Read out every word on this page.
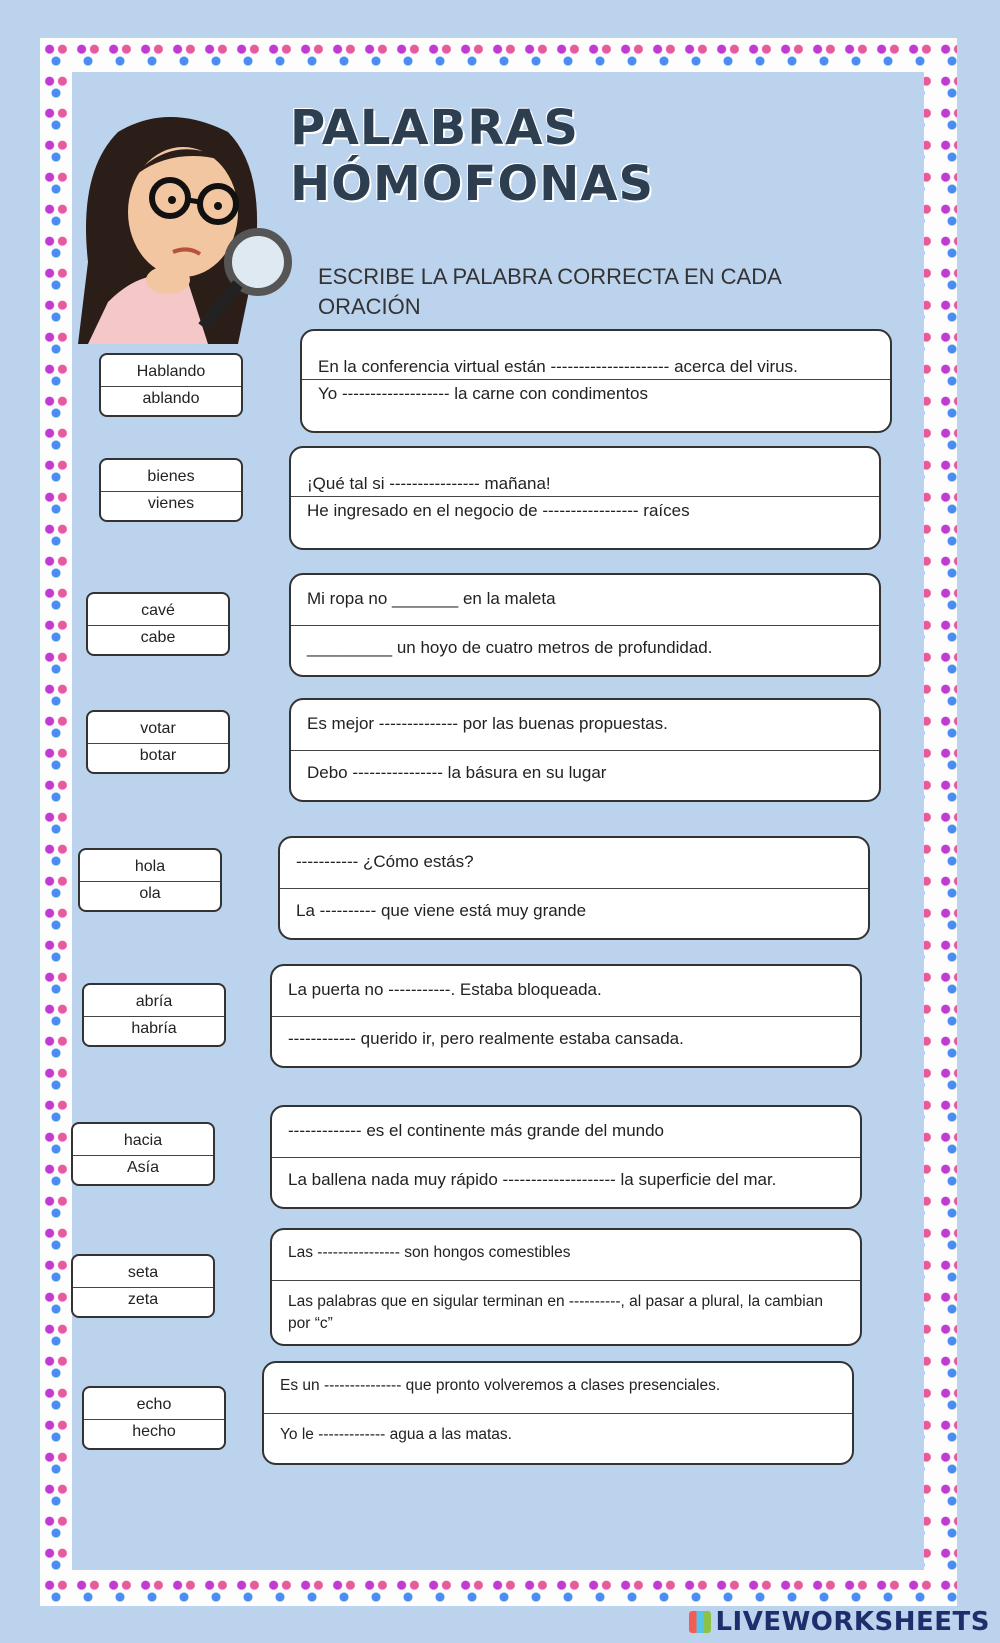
PALABRAS HÓMOFONAS
ESCRIBE LA PALABRA CORRECTA EN CADA ORACIÓN
Hablando
ablando
En la conferencia virtual están --------------------- acerca del virus.
Yo ------------------- la carne con condimentos
bienes
vienes
¡Qué tal si ---------------- mañana!
He ingresado en el negocio de ----------------- raíces
cavé
cabe
Mi ropa no _______ en la maleta
_________ un hoyo de cuatro metros de profundidad.
votar
botar
Es mejor -------------- por las buenas propuestas.
Debo ---------------- la básura en su lugar
hola
ola
----------- ¿Cómo estás?
La ---------- que viene está muy grande
abría
habría
La puerta no -----------. Estaba bloqueada.
------------ querido ir, pero realmente estaba cansada.
hacia
Asía
------------- es el continente más grande del mundo
La ballena nada muy rápido -------------------- la superficie del mar.
seta
zeta
Las ---------------- son hongos comestibles
Las palabras que en sigular terminan en ----------, al pasar a plural, la cambian por “c”
echo
hecho
Es un --------------- que pronto volveremos a clases presenciales.
Yo le ------------- agua a las matas.
LIVEWORKSHEETS
